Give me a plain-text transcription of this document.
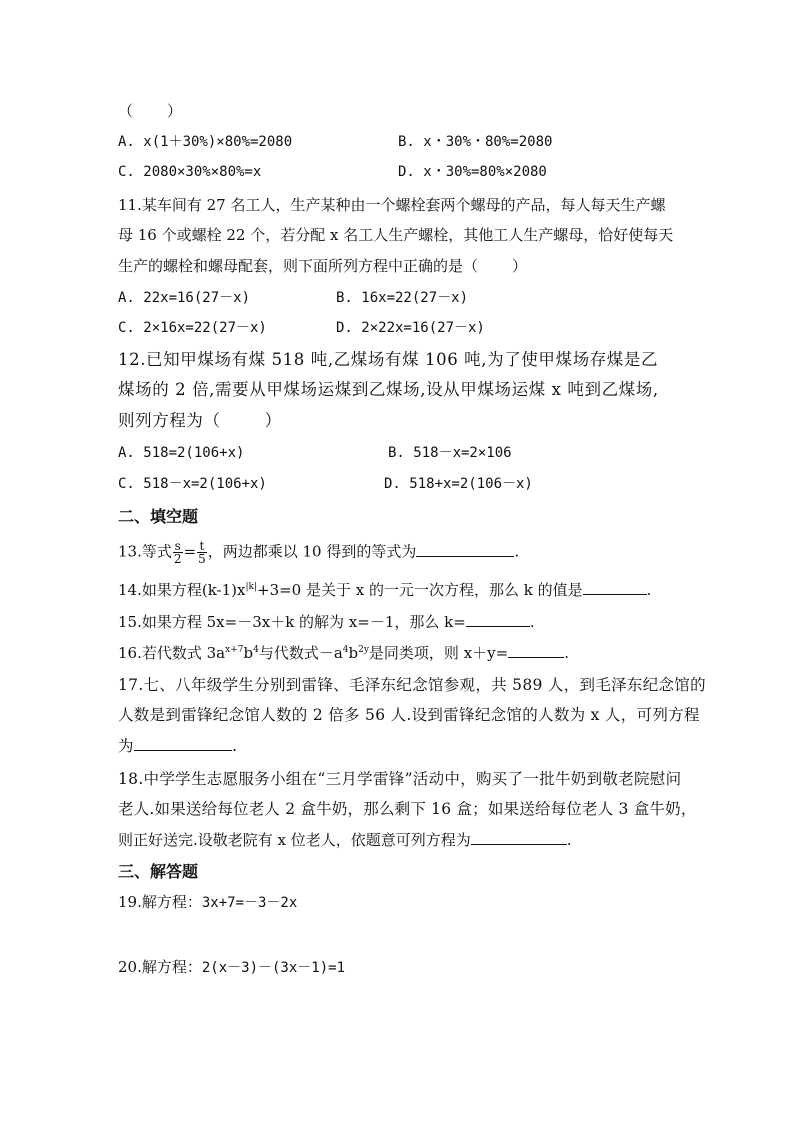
（ ）
A. x(1＋30%)×80%=2080	B. x・30%・80%=2080
C. 2080×30%×80%=x	D. x・30%=80%×2080
11.某车间有 27 名工人，生产某种由一个螺栓套两个螺母的产品，每人每天生产螺
母 16 个或螺栓 22 个，若分配 x 名工人生产螺栓，其他工人生产螺母，恰好使每天
生产的螺栓和螺母配套，则下面所列方程中正确的是（ ）
A. 22x=16(27－x)	B. 16x=22(27－x)
C. 2×16x=22(27－x)	D. 2×22x=16(27－x)
12.已知甲煤场有煤 518 吨,乙煤场有煤 106 吨,为了使甲煤场存煤是乙
煤场的 2 倍,需要从甲煤场运煤到乙煤场,设从甲煤场运煤 x 吨到乙煤场,
则列方程为（	）
A. 518=2(106+x)	B. 518－x=2×106
C. 518－x=2(106+x)	D. 518+x=2(106－x)
二、填空题
13.等式 $\frac{s}{2} = \frac{t}{5}$ ，两边都乘以 10 得到的等式为	.
14.如果方程$(k-1)x^{|k|}+3=0$ 是关于 x 的一元一次方程，那么 k 的值是	.
15.如果方程 5x=－3x＋k 的解为 x=－1，那么 k=	.
16.若代数式 $3a^{x+7}b^4$与代数式$-a^4b^{2y}$是同类项，则 x＋y=	.
17.七、八年级学生分别到雷锋、毛泽东纪念馆参观，共 589 人，到毛泽东纪念馆的
人数是到雷锋纪念馆人数的 2 倍多 56 人.设到雷锋纪念馆的人数为 x 人，可列方程
为	.
18.中学学生志愿服务小组在“三月学雷锋”活动中，购买了一批牛奶到敬老院慰问
老人.如果送给每位老人 2 盒牛奶，那么剩下 16 盒；如果送给每位老人 3 盒牛奶，
则正好送完.设敬老院有 x 位老人，依题意可列方程为	.
三、解答题
19.解方程：3x+7=－3－2x
20.解方程：2(x－3)－(3x－1)=1
